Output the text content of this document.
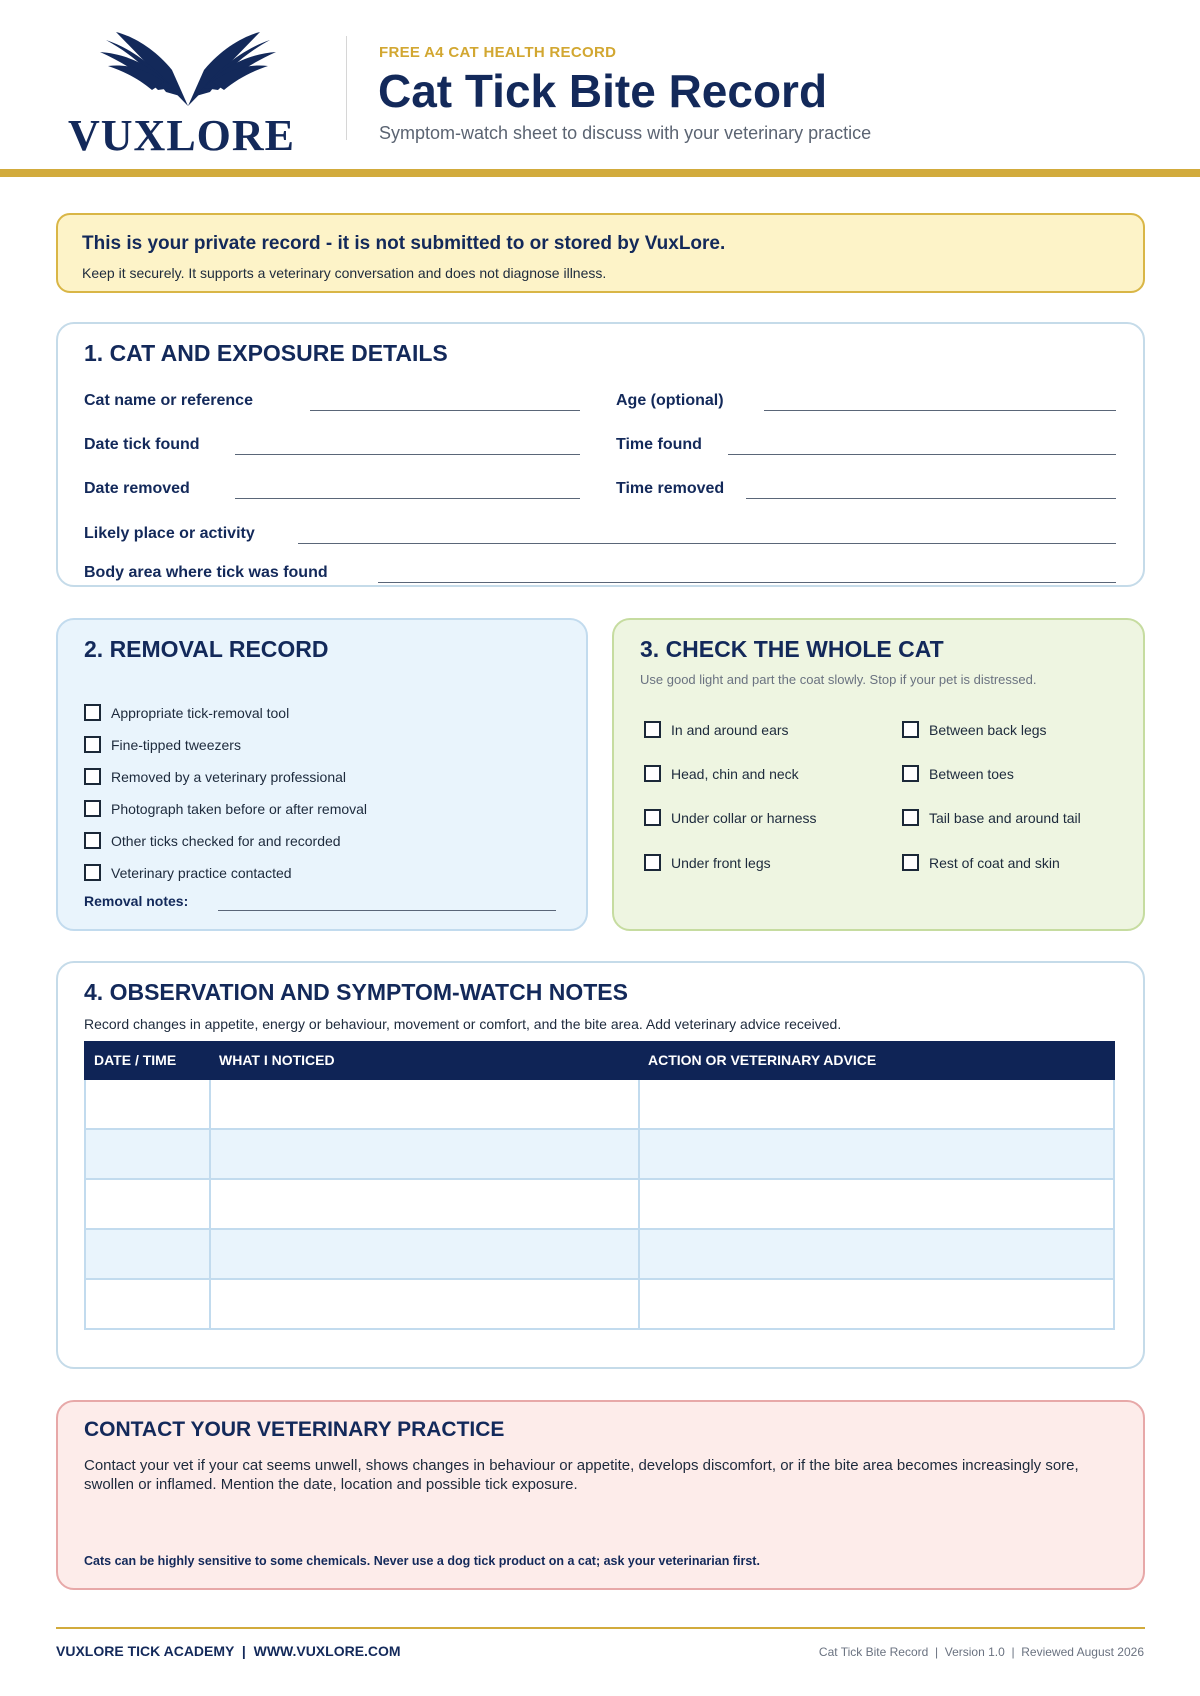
VUXLORE
FREE A4 CAT HEALTH RECORD
Cat Tick Bite Record
Symptom-watch sheet to discuss with your veterinary practice
This is your private record - it is not submitted to or stored by VuxLore.
Keep it securely. It supports a veterinary conversation and does not diagnose illness.
1. CAT AND EXPOSURE DETAILS
Cat name or reference	Age (optional)
Date tick found	Time found
Date removed	Time removed
Likely place or activity
Body area where tick was found
2. REMOVAL RECORD
Appropriate tick-removal tool
Fine-tipped tweezers
Removed by a veterinary professional
Photograph taken before or after removal
Other ticks checked for and recorded
Veterinary practice contacted
Removal notes:
3. CHECK THE WHOLE CAT
Use good light and part the coat slowly. Stop if your pet is distressed.
In and around ears
Head, chin and neck
Under collar or harness
Under front legs
Between back legs
Between toes
Tail base and around tail
Rest of coat and skin
4. OBSERVATION AND SYMPTOM-WATCH NOTES
Record changes in appetite, energy or behaviour, movement or comfort, and the bite area. Add veterinary advice received.
DATE / TIME	WHAT I NOTICED	ACTION OR VETERINARY ADVICE
CONTACT YOUR VETERINARY PRACTICE
Contact your vet if your cat seems unwell, shows changes in behaviour or appetite, develops discomfort, or if the bite area becomes increasingly sore, swollen or inflamed. Mention the date, location and possible tick exposure.
Cats can be highly sensitive to some chemicals. Never use a dog tick product on a cat; ask your veterinarian first.
VUXLORE TICK ACADEMY  |  WWW.VUXLORE.COM	Cat Tick Bite Record  |  Version 1.0  |  Reviewed August 2026
